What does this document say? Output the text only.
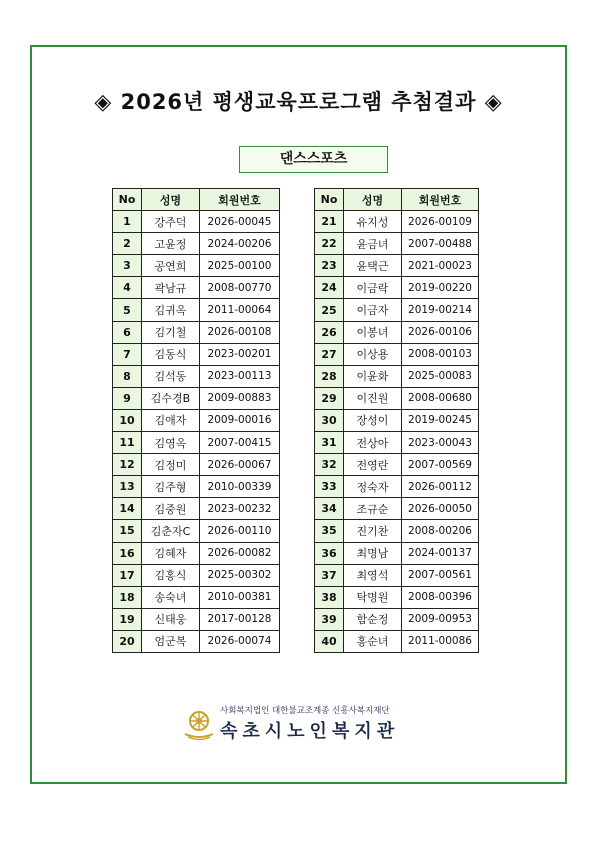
◈ 2026년 평생교육프로그램 추첨결과 ◈
댄스스포츠
No	성명	회원번호
1	강주덕	2026-00045
2	고윤정	2024-00206
3	공연희	2025-00100
4	곽남규	2008-00770
5	김귀옥	2011-00064
6	김기철	2026-00108
7	김동식	2023-00201
8	김석동	2023-00113
9	김수경B	2009-00883
10	김애자	2009-00016
11	김영옥	2007-00415
12	김정미	2026-00067
13	김주형	2010-00339
14	김중원	2023-00232
15	김춘자C	2026-00110
16	김혜자	2026-00082
17	김홍식	2025-00302
18	송숙녀	2010-00381
19	신태웅	2017-00128
20	엄군복	2026-00074
No	성명	회원번호
21	유지성	2026-00109
22	윤금녀	2007-00488
23	윤택근	2021-00023
24	이금락	2019-00220
25	이금자	2019-00214
26	이봉녀	2026-00106
27	이상용	2008-00103
28	이윤화	2025-00083
29	이진원	2008-00680
30	장성이	2019-00245
31	전상아	2023-00043
32	전영란	2007-00569
33	정숙자	2026-00112
34	조규순	2026-00050
35	진기찬	2008-00206
36	최명남	2024-00137
37	최영석	2007-00561
38	탁명원	2008-00396
39	함순정	2009-00953
40	홍순녀	2011-00086
사회복지법인 대한불교조계종 신흥사복지재단
속초시노인복지관
